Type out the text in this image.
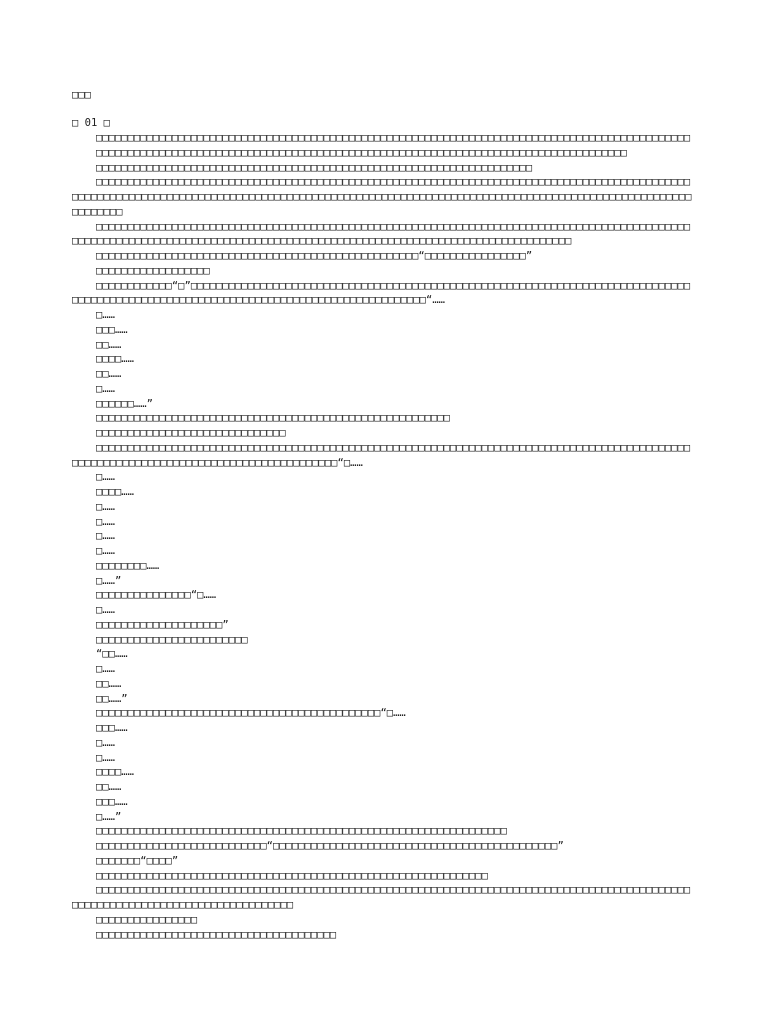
□□□
□ 01 □

□□□□□□□□□□□□□□□□□□□□□□□□□□□□□□□□□□□□□□□□□□□□□□□□□□□□□□□□□□□□□□□□□□□□□□□□□□□□□□□□□□□□□□□□□□□□□□

□□□□□□□□□□□□□□□□□□□□□□□□□□□□□□□□□□□□□□□□□□□□□□□□□□□□□□□□□□□□□□□□□□□□□□□□□□□□□□□□□□□□

□□□□□□□□□□□□□□□□□□□□□□□□□□□□□□□□□□□□□□□□□□□□□□□□□□□□□□□□□□□□□□□□□□□□□

□□□□□□□□□□□□□□□□□□□□□□□□□□□□□□□□□□□□□□□□□□□□□□□□□□□□□□□□□□□□□□□□□□□□□□□□□□□□□□□□□□□□□□□□□□□□□□□□□□□□□□□□□□□□□□□□□□□□□□□□□□□□□□□□□□□□□□□□□□□□□□□□□□□□□□□□□□□□□□□□□□□□□□□□□□□□□□□□□□□□□□□□□□□□□□□□□□□□□□□□

□□□□□□□□□□□□□□□□□□□□□□□□□□□□□□□□□□□□□□□□□□□□□□□□□□□□□□□□□□□□□□□□□□□□□□□□□□□□□□□□□□□□□□□□□□□□□□□□□□□□□□□□□□□□□□□□□□□□□□□□□□□□□□□□□□□□□□□□□□□□□□□□□□□□□□□□□□□□□□□□□□□□□□□□□□□□□

□□□□□□□□□□□□□□□□□□□□□□□□□□□□□□□□□□□□□□□□□□□□□□□□□□□“□□□□□□□□□□□□□□□□”

□□□□□□□□□□□□□□□□□□

□□□□□□□□□□□□“□”□□□□□□□□□□□□□□□□□□□□□□□□□□□□□□□□□□□□□□□□□□□□□□□□□□□□□□□□□□□□□□□□□□□□□□□□□□□□□□□□□□□□□□□□□□□□□□□□□□□□□□□□□□□□□□□□□□□□□□□□□□□□□□□□□□□□□□□“……

□……

□□□……

□□……

□□□□……

□□……

□……

□□□□□□……”

□□□□□□□□□□□□□□□□□□□□□□□□□□□□□□□□□□□□□□□□□□□□□□□□□□□□□□□□

□□□□□□□□□□□□□□□□□□□□□□□□□□□□□□

□□□□□□□□□□□□□□□□□□□□□□□□□□□□□□□□□□□□□□□□□□□□□□□□□□□□□□□□□□□□□□□□□□□□□□□□□□□□□□□□□□□□□□□□□□□□□□□□□□□□□□□□□□□□□□□□□□□□□□□□□□□□□□□□□□□□□□□□“□……

□……

□□□□……

□……

□……

□……

□……

□□□□□□□□……

□……”

□□□□□□□□□□□□□□□“□……

□……

□□□□□□□□□□□□□□□□□□□□”

□□□□□□□□□□□□□□□□□□□□□□□□

“□□……

□……

□□……

□□……”

□□□□□□□□□□□□□□□□□□□□□□□□□□□□□□□□□□□□□□□□□□□□□“□……

□□□……

□……

□……

□□□□……

□□……

□□□……

□……”

□□□□□□□□□□□□□□□□□□□□□□□□□□□□□□□□□□□□□□□□□□□□□□□□□□□□□□□□□□□□□□□□□

□□□□□□□□□□□□□□□□□□□□□□□□□□□“□□□□□□□□□□□□□□□□□□□□□□□□□□□□□□□□□□□□□□□□□□□□□”

□□□□□□□“□□□□”

□□□□□□□□□□□□□□□□□□□□□□□□□□□□□□□□□□□□□□□□□□□□□□□□□□□□□□□□□□□□□□

□□□□□□□□□□□□□□□□□□□□□□□□□□□□□□□□□□□□□□□□□□□□□□□□□□□□□□□□□□□□□□□□□□□□□□□□□□□□□□□□□□□□□□□□□□□□□□□□□□□□□□□□□□□□□□□□□□□□□□□□□□□□□□□□□

□□□□□□□□□□□□□□□□

□□□□□□□□□□□□□□□□□□□□□□□□□□□□□□□□□□□□□□
